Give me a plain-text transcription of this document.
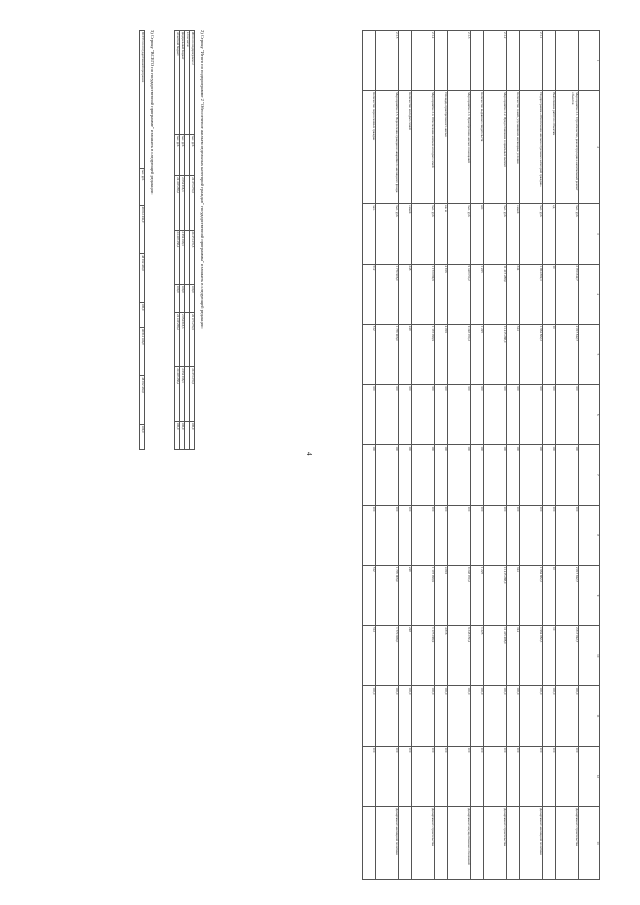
4
1	2	3	4	5	6	7	8	9	10	11	12	13
	Мероприятие 2.1. Строительство, реконструкция и капитальный ремонт объектов	тыс. руб.	2 700 842,7	2 817 842,7	100	100	100	2 817 842,7	2 817 842,7	100,0	100	Департамент строительства
	Выполнение работ по объектам	ед.	10	10	100	100	100	10	10	100,0	100	
2.1.1	Подпрограмма «Обеспечение жильем отдельных категорий граждан»	тыс. руб.	1 964 882,3	1 964 882,3	100	100	100	1 964 882,3	1 964 882,3	100,0	100	Департамент жилищной политики
	Количество семей, улучшивших жилищные условия	семей	344	344	100	100	100	344	344	100,0	100	
2.1.2	Мероприятие 2.2. Предоставление социальных выплат	тыс. руб.	11 415 288,0	11 415 288,0	100	100	100	11 415 288,0	11 415 288,0	100,0	100	Департамент строительства
	Количество выданных свидетельств	шт.	1 225	1 225	100	100	100	1 225	1 225	100,0	100	
2.1.3	Мероприятие 2.3. Приобретение жилых помещений	тыс. руб.	9 348 050,2	9 348 050,2	100	100	100	9 348 050,2	9 348 050,2	100,0	100	Департамент имущественных отношений
	Площадь приобретенного жилья	кв. м	4 816	4 816	100	100	100	4 816	4 816	100,0	100	
2.1.4	Мероприятие 2.4. Обеспечение жильем молодых семей	тыс. руб.	1 173 099,9	1 173 099,9	100	100	100	1 173 099,9	1 173 099,9	100,0	100	Департамент строительства
	Количество молодых семей	семей	248	248	100	100	100	248	248	100,0	100	
2.1.5	Мероприятие 2.5. Переселение граждан из аварийного жилищного фонда	тыс. руб.	1 770 906,0	1 770 906,0	100	100	100	1 770 906,0	1 770 906,0	100,0	100	Департамент жилищной политики
	Количество переселенных граждан	чел.	512	512	100	100	100	512	512	100,0	100	
2) Строку "Итого по подпрограмме 2 "Обеспечение жильем отдельных категорий граждан" государственной программы" изложить в следующей редакции:
Итого по подпрограмме 2	тыс. руб.	26 473 276,5	26 473 276,5	100,0	26 473 276,5	26 473 276,5	100,0
в том числе							
федеральный бюджет	тыс. руб.	2 054 018,3	2 054 018,3	100,0	2 054 018,3	2 054 018,3	100,0
областной бюджет	тыс. руб.	24 419 258,2	24 419 258,2	100,0	24 419 258,2	24 419 258,2	100,0
3) Строку "ВСЕГО по государственной программе" изложить в следующей редакции:
ВСЕГО по государственной программе	тыс. руб.	48 012 436,9	48 012 436,9	100,0	48 012 436,9	48 012 436,9	100,0
